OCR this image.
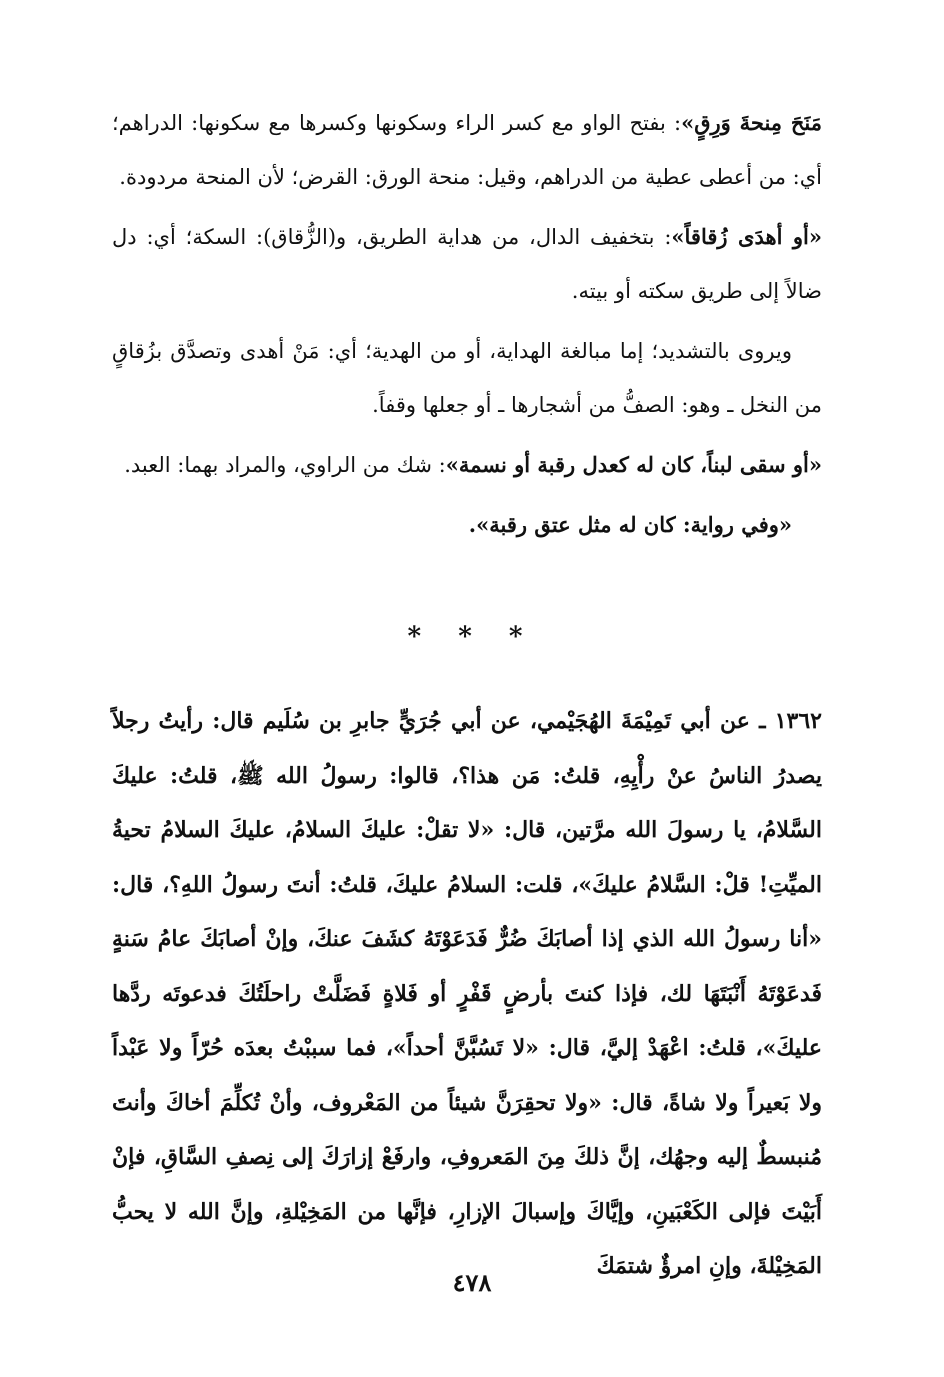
مَنَحَ مِنحةَ وَرِقٍ»: بفتح الواو مع كسر الراء وسكونها وكسرها مع سكونها: الدراهم؛ أي: من أعطى عطية من الدراهم، وقيل: منحة الورق: القرض؛ لأن المنحة مردودة.

«أو أهدَى زُقاقاً»: بتخفيف الدال، من هداية الطريق، و(الزُّقاق): السكة؛ أي: دل ضالاً إلى طريق سكته أو بيته.

ويروى بالتشديد؛ إما مبالغة الهداية، أو من الهدية؛ أي: مَنْ أهدى وتصدَّق بزُقاقٍ من النخل ـ وهو: الصفُّ من أشجارها ـ أو جعلها وقفاً.

«أو سقى لبناً، كان له كعدل رقبة أو نسمة»: شك من الراوي، والمراد بهما: العبد.

«وفي رواية: كان له مثل عتق رقبة».

* * *

١٣٦٢ ـ عن أبي تَمِيْمَةَ الهُجَيْمي، عن أبي جُرَيٍّ جابرِ بن سُلَيم قال: رأيتُ رجلاً يصدرُ الناسُ عنْ رأْيِهِ، قلتُ: مَن هذا؟، قالوا: رسولُ الله ﷺ، قلتُ: عليكَ السَّلامُ، يا رسولَ الله مرَّتين، قال: «لا تقلْ: عليكَ السلامُ، عليكَ السلامُ تحيةُ الميِّتِ! قلْ: السَّلامُ عليكَ»، قلت: السلامُ عليكَ، قلتُ: أنتَ رسولُ اللهِ؟، قال: «أنا رسولُ الله الذي إذا أصابَكَ ضُرٌّ فَدَعَوْتَهُ كشَفَ عنكَ، وإنْ أصابَكَ عامُ سَنةٍ فَدعَوْتَهُ أَنْبَتَهَا لك، فإذا كنتَ بأرضٍ قَفْرٍ أو فَلاةٍ فَضَلَّتْ راحلَتُكَ فدعوتَه ردَّها عليكَ»، قلتُ: اعْهَدْ إليَّ، قال: «لا تَسُبَّنَّ أحداً»، فما سببْتُ بعدَه حُرّاً ولا عَبْداً ولا بَعيراً ولا شاةً، قال: «ولا تحقِرَنَّ شيئاً من المَعْروف، وأنْ تُكلِّمَ أخاكَ وأنتَ مُنبسطٌ إليه وجهُك، إنَّ ذلكَ مِنَ المَعروفِ، وارفَعْ إزارَكَ إلى نِصفِ السَّاقِ، فإنْ أَبَيْتَ فإلى الكَعْبَينِ، وإيَّاكَ وإسبالَ الإزارِ، فإنَّها من المَخِيْلةِ، وإنَّ الله لا يحبُّ المَخِيْلةَ، وإنِ امرؤٌ شتمَكَ

٤٧٨
